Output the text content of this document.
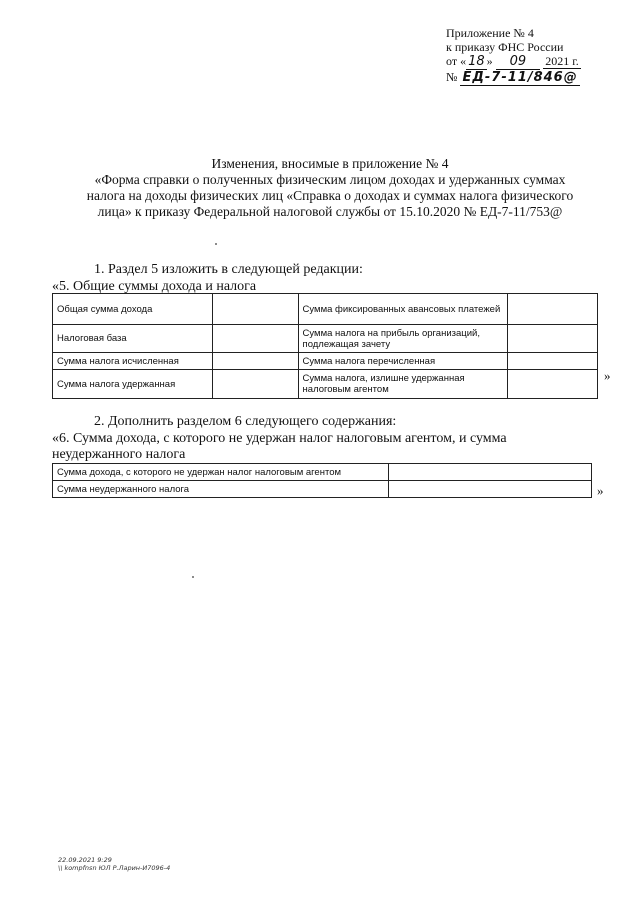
Приложение № 4
к приказу ФНС России
от « 18 » 09 2021 г.
№ ЕД-7-11/846@
Изменения, вносимые в приложение № 4
«Форма справки о полученных физическим лицом доходах и удержанных суммах
налога на доходы физических лиц «Справка о доходах и суммах налога физического
лица» к приказу Федеральной налоговой службы от 15.10.2020 № ЕД-7-11/753@
1. Раздел 5 изложить в следующей редакции:
«5. Общие суммы дохода и налога
Общая сумма дохода		Сумма фиксированных авансовых платежей	
Налоговая база		Сумма налога на прибыль организаций, подлежащая зачету	
Сумма налога исчисленная		Сумма налога перечисленная	
Сумма налога удержанная		Сумма налога, излишне удержанная налоговым агентом	
»
2. Дополнить разделом 6 следующего содержания:
«6. Сумма дохода, с которого не удержан налог налоговым агентом, и сумма
неудержанного налога
Сумма дохода, с которого не удержан налог налоговым агентом	
Сумма неудержанного налога		»
22.09.2021 9:29
\\ kompfnsn ЮЛ Р.Ларин-И7096-4
